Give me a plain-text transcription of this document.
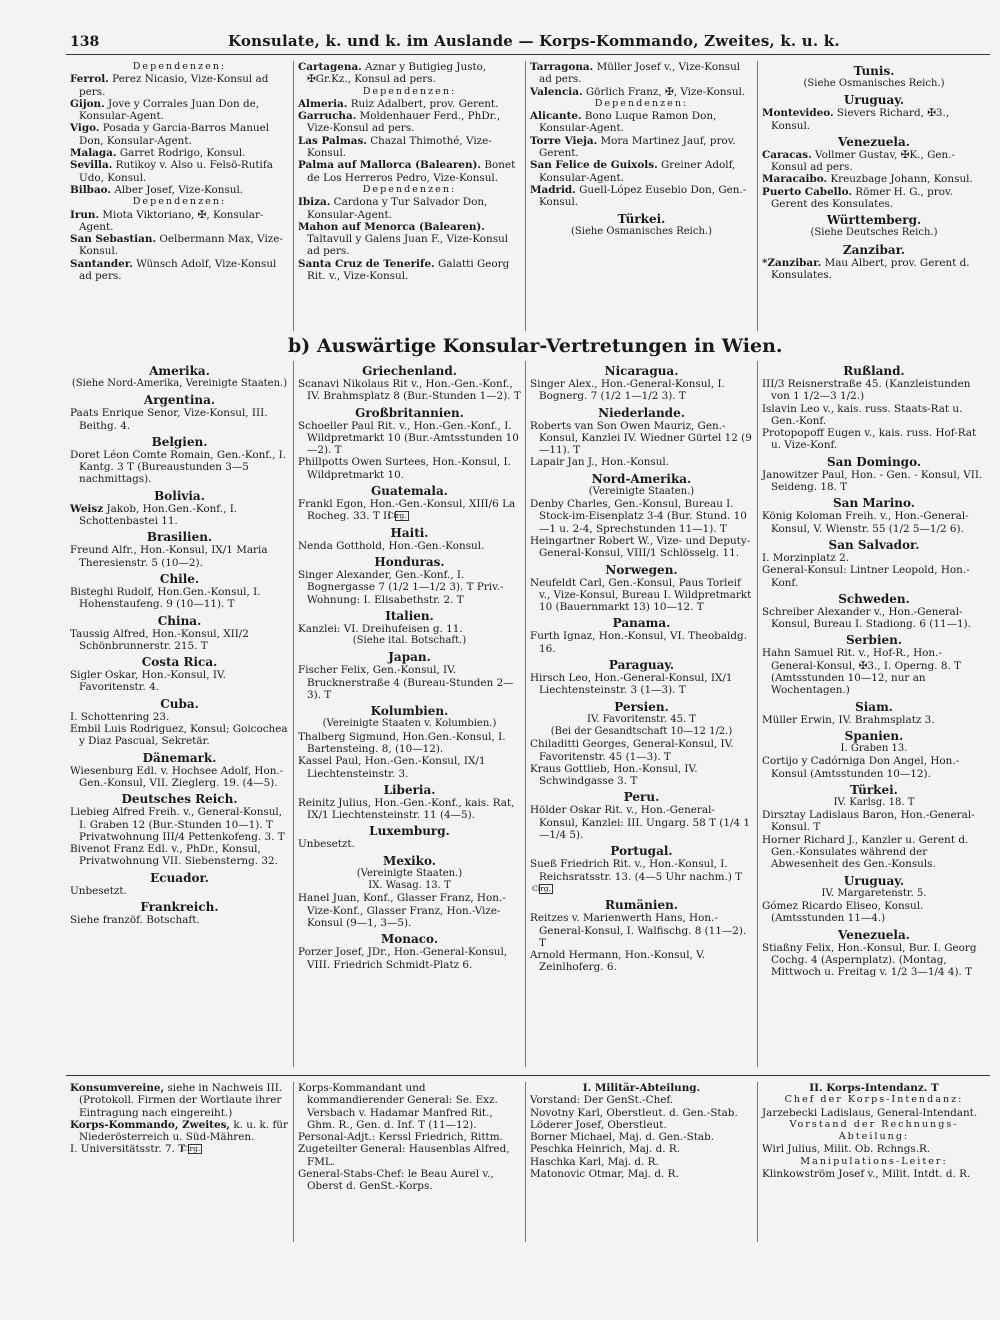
138	Konsulate, k. und k. im Auslande — Korps-Kommando, Zweites, k. u. k.

Dependenzen:

Ferrol. Perez Nicasio, Vize-Konsul ad pers.

Gijon. Jove y Corrales Juan Don de, Konsular-Agent.

Vigo. Posada y Garcia-Barros Manuel Don, Konsular-Agent.

Malaga. Garret Rodrigo, Konsul.

Sevilla. Rutikoy v. Also u. Felsö-Rutifa Udo, Konsul.

Bilbao. Alber Josef, Vize-Konsul.

Dependenzen:

Irun. Miota Viktoriano, ✠, Konsular-Agent.

San Sebastian. Oelbermann Max, Vize-Konsul.

Santander. Wünsch Adolf, Vize-Konsul ad pers.

Cartagena. Aznar y Butigieg Justo, ✠Gr.Kz., Konsul ad pers.

Dependenzen:

Almeria. Ruiz Adalbert, prov. Gerent.

Garrucha. Moldenhauer Ferd., PhDr., Vize-Konsul ad pers.

Las Palmas. Chazal Thimothé, Vize-Konsul.

Palma auf Mallorca (Balearen). Bonet de Los Herreros Pedro, Vize-Konsul.

Dependenzen:

Ibiza. Cardona y Tur Salvador Don, Konsular-Agent.

Mahon auf Menorca (Balearen). Taltavull y Galens Juan F., Vize-Konsul ad pers.

Santa Cruz de Tenerife. Galatti Georg Rit. v., Vize-Konsul.

Tarragona. Müller Josef v., Vize-Konsul ad pers.

Valencia. Görlich Franz, ✠, Vize-Konsul.

Dependenzen:

Alicante. Bono Luque Ramon Don, Konsular-Agent.

Torre Vieja. Mora Martinez Jauf, prov. Gerent.

San Felice de Guixols. Greiner Adolf, Konsular-Agent.

Madrid. Guell-López Eusebio Don, Gen.-Konsul.

Türkei.

(Siehe Osmanisches Reich.)

Tunis.

(Siehe Osmanisches Reich.)

Uruguay.

Montevideo. Sievers Richard, ✠3., Konsul.

Venezuela.

Caracas. Vollmer Gustav, ✠K., Gen.-Konsul ad pers.

Maracaibo. Kreuzbage Johann, Konsul.

Puerto Cabello. Römer H. G., prov. Gerent des Konsulates.

Württemberg.

(Siehe Deutsches Reich.)

Zanzibar.

*Zanzibar. Mau Albert, prov. Gerent d. Konsulates.

b) Auswärtige Konsular-Vertretungen in Wien.

Amerika.

(Siehe Nord-Amerika, Vereinigte Staaten.)

Argentina.

Paats Enrique Senor, Vize-Konsul, III. Beithg. 4.

Belgien.

Doret Léon Comte Romain, Gen.-Konf., I. Kantg. 3 T (Bureaustunden 3—5 nachmittags).

Bolivia.

Weisz Jakob, Hon.Gen.-Konf., I. Schottenbastei 11.

Brasilien.

Freund Alfr., Hon.-Konsul, IX/1 Maria Theresienstr. 5 (10—2).

Chile.

Bisteghi Rudolf, Hon.Gen.-Konsul, I. Hohenstaufeng. 9 (10—11). T

China.

Taussig Alfred, Hon.-Konsul, XII/2 Schönbrunnerstr. 215. T

Costa Rica.

Sigler Oskar, Hon.-Konsul, IV. Favoritenstr. 4.

Cuba.

I. Schottenring 23.

Embil Luis Rodriguez, Konsul; Goicochea y Diaz Pascual, Sekretär.

Dänemark.

Wiesenburg Edl. v. Hochsee Adolf, Hon.-Gen.-Konsul, VII. Zieglerg. 19. (4—5).

Deutsches Reich.

Liebieg Alfred Freih. v., General-Konsul, I. Graben 12 (Bur.-Stunden 10—1). T Privatwohnung III/4 Pettenkofeng. 3. T

Bivenot Franz Edl. v., PhDr., Konsul, Privatwohnung VII. Siebensterng. 32.

Ecuador.

Unbesetzt.

Frankreich.

Siehe franzöf. Botschaft.

Griechenland.

Scanavi Nikolaus Rit v., Hon.-Gen.-Konf., IV. Brahmsplatz 8 (Bur.-Stunden 1—2). T

Großbritannien.

Schoeller Paul Rit. v., Hon.-Gen.-Konf., I. Wildpretmarkt 10 (Bur.-Amtsstunden 10—2). T

Phillpotts Owen Surtees, Hon.-Konsul, I. Wildpretmarkt 10.

Guatemala.

Frankl Egon, Hon.-Gen.-Konsul, XIII/6 La Rocheg. 33. T II Clrg.

Haiti.

Nenda Gotthold, Hon.-Gen.-Konsul.

Honduras.

Singer Alexander, Gen.-Konf., I. Bognergasse 7 (1/2 1—1/2 3). T Priv.-Wohnung: I. Elisabethstr. 2. T

Italien.

Kanzlei: VI. Dreihufeisen g. 11.

(Siehe ital. Botschaft.)

Japan.

Fischer Felix, Gen.-Konsul, IV. Brucknerstraße 4 (Bureau-Stunden 2—3). T

Kolumbien.

(Vereinigte Staaten v. Kolumbien.)

Thalberg Sigmund, Hon.Gen.-Konsul, I. Bartensteing. 8, (10—12).

Kassel Paul, Hon.-Gen.-Konsul, IX/1 Liechtensteinstr. 3.

Liberia.

Reinitz Julius, Hon.-Gen.-Konf., kais. Rat, IX/1 Liechtensteinstr. 11 (4—5).

Luxemburg.

Unbesetzt.

Mexiko.

(Vereinigte Staaten.)

IX. Wasag. 13. T

Hanel Juan, Konf., Glasser Franz, Hon.-Vize-Konf., Glasser Franz, Hon.-Vize-Konsul (9—1, 3—5).

Monaco.

Porzer Josef, JDr., Hon.-General-Konsul, VIII. Friedrich Schmidt-Platz 6.

Nicaragua.

Singer Alex., Hon.-General-Konsul, I. Bognerg. 7 (1/2 1—1/2 3). T

Niederlande.

Roberts van Son Owen Mauriz, Gen.-Konsul, Kanzlei IV. Wiedner Gürtel 12 (9—11). T

Lapair Jan J., Hon.-Konsul.

Nord-Amerika.

(Vereinigte Staaten.)

Denby Charles, Gen.-Konsul, Bureau I. Stock-im-Eisenplatz 3-4 (Bur. Stund. 10—1 u. 2-4, Sprechstunden 11—1). T

Heingartner Robert W., Vize- und Deputy-General-Konsul, VIII/1 Schlösselg. 11.

Norwegen.

Neufeldt Carl, Gen.-Konsul, Paus Torleif v., Vize-Konsul, Bureau I. Wildpretmarkt 10 (Bauernmarkt 13) 10—12. T

Panama.

Furth Ignaz, Hon.-Konsul, VI. Theobaldg. 16.

Paraguay.

Hirsch Leo, Hon.-General-Konsul, IX/1 Liechtensteinstr. 3 (1—3). T

Persien.

IV. Favoritenstr. 45. T

(Bei der Gesandtschaft 10—12 1/2.)

Chiladitti Georges, General-Konsul, IV. Favoritenstr. 45 (1—3). T

Kraus Gottlieb, Hon.-Konsul, IV. Schwindgasse 3. T

Peru.

Hölder Oskar Rit. v., Hon.-General-Konsul, Kanzlei: III. Ungarg. 58 T (1/4 1—1/4 5).

Portugal.

Sueß Friedrich Rit. v., Hon.-Konsul, I. Reichsratsstr. 13. (4—5 Uhr nachm.) T Clrg.

Rumänien.

Reitzes v. Marienwerth Hans, Hon.-General-Konsul, I. Walfischg. 8 (11—2). T

Arnold Hermann, Hon.-Konsul, V. Zeinlhoferg. 6.

Rußland.

III/3 Reisnerstraße 45. (Kanzleistunden von 1 1/2—3 1/2.)

Islavin Leo v., kais. russ. Staats-Rat u. Gen.-Konf.

Protopopoff Eugen v., kais. russ. Hof-Rat u. Vize-Konf.

San Domingo.

Janowitzer Paul, Hon. - Gen. - Konsul, VII. Seideng. 18. T

San Marino.

König Koloman Freih. v., Hon.-General-Konsul, V. Wienstr. 55 (1/2 5—1/2 6).

San Salvador.

I. Morzinplatz 2.

General-Konsul: Lintner Leopold, Hon.-Konf.

Schweden.

Schreiber Alexander v., Hon.-General-Konsul, Bureau I. Stadiong. 6 (11—1).

Serbien.

Hahn Samuel Rit. v., Hof-R., Hon.-General-Konsul, ✠3., I. Operng. 8. T (Amtsstunden 10—12, nur an Wochentagen.)

Siam.

Müller Erwin, IV. Brahmsplatz 3.

Spanien.

I. Graben 13.

Cortijo y Cadórniga Don Angel, Hon.-Konsul (Amtsstunden 10—12).

Türkei.

IV. Karlsg. 18. T

Dirsztay Ladislaus Baron, Hon.-General-Konsul. T

Horner Richard J., Kanzler u. Gerent d. Gen.-Konsulates während der Abwesenheit des Gen.-Konsuls.

Uruguay.

IV. Margaretenstr. 5.

Gómez Ricardo Eliseo, Konsul. (Amtsstunden 11—4.)

Venezuela.

Stiaßny Felix, Hon.-Konsul, Bur. I. Georg Cochg. 4 (Aspernplatz). (Montag, Mittwoch u. Freitag v. 1/2 3—1/4 4). T

Konsumvereine, siehe in Nachweis III. (Protokoll. Firmen der Wortlaute ihrer Eintragung nach eingereiht.)

Korps-Kommando, Zweites, k. u. k. für Niederösterreich u. Süd-Mähren.

I. Universitätsstr. 7. T Clrg.

Korps-Kommandant und kommandierender General: Se. Exz. Versbach v. Hadamar Manfred Rit., Ghm. R., Gen. d. Inf. T (11—12).

Personal-Adjt.: Kerssl Friedrich, Rittm.

Zugeteilter General: Hausenblas Alfred, FML.

General-Stabs-Chef: le Beau Aurel v., Oberst d. GenSt.-Korps.

I. Militär-Abteilung.

Vorstand: Der GenSt.-Chef.

Novotny Karl, Oberstleut. d. Gen.-Stab.

Löderer Josef, Oberstleut.

Borner Michael, Maj. d. Gen.-Stab.

Peschka Heinrich, Maj. d. R.

Haschka Karl, Maj. d. R.

Matonovic Otmar, Maj. d. R.

II. Korps-Intendanz. T

Chef der Korps-Intendanz:

Jarzebecki Ladislaus, General-Intendant.

Vorstand der Rechnungs-Abteilung:

Wirl Julius, Milit. Ob. Rchngs.R.

Manipulations-Leiter:

Klinkowström Josef v., Milit. Intdt. d. R.
